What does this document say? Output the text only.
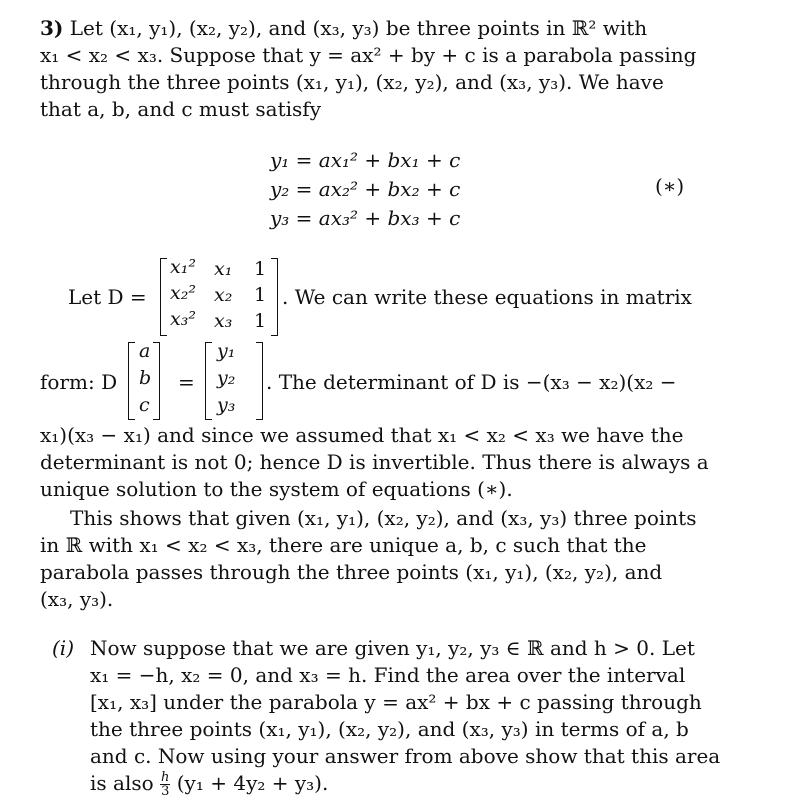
3) Let (x₁, y₁), (x₂, y₂), and (x₃, y₃) be three points in ℝ² with
x₁ < x₂ < x₃. Suppose that y = ax² + by + c is a parabola passing
through the three points (x₁, y₁), (x₂, y₂), and (x₃, y₃). We have
that a, b, and c must satisfy
y₁ = ax₁² + bx₁ + c
y₂ = ax₂² + bx₂ + c
y₃ = ax₃² + bx₃ + c
(∗)
Let D =
x₁² x₁ 1
x₂² x₂ 1
x₃² x₃ 1
. We can write these equations in matrix
form: D
a
b
c
=
y₁
y₂
y₃
. The determinant of D is −(x₃ − x₂)(x₂ −
x₁)(x₃ − x₁) and since we assumed that x₁ < x₂ < x₃ we have the
determinant is not 0; hence D is invertible. Thus there is always a
unique solution to the system of equations (∗).
This shows that given (x₁, y₁), (x₂, y₂), and (x₃, y₃) three points
in ℝ with x₁ < x₂ < x₃, there are unique a, b, c such that the
parabola passes through the three points (x₁, y₁), (x₂, y₂), and
(x₃, y₃).
(i) Now suppose that we are given y₁, y₂, y₃ ∈ ℝ and h > 0. Let
x₁ = −h, x₂ = 0, and x₃ = h. Find the area over the interval
[x₁, x₃] under the parabola y = ax² + bx + c passing through
the three points (x₁, y₁), (x₂, y₂), and (x₃, y₃) in terms of a, b
and c. Now using your answer from above show that this area
is also $\frac{h}{3} (y_1 + 4y_2 + y_3)$.
